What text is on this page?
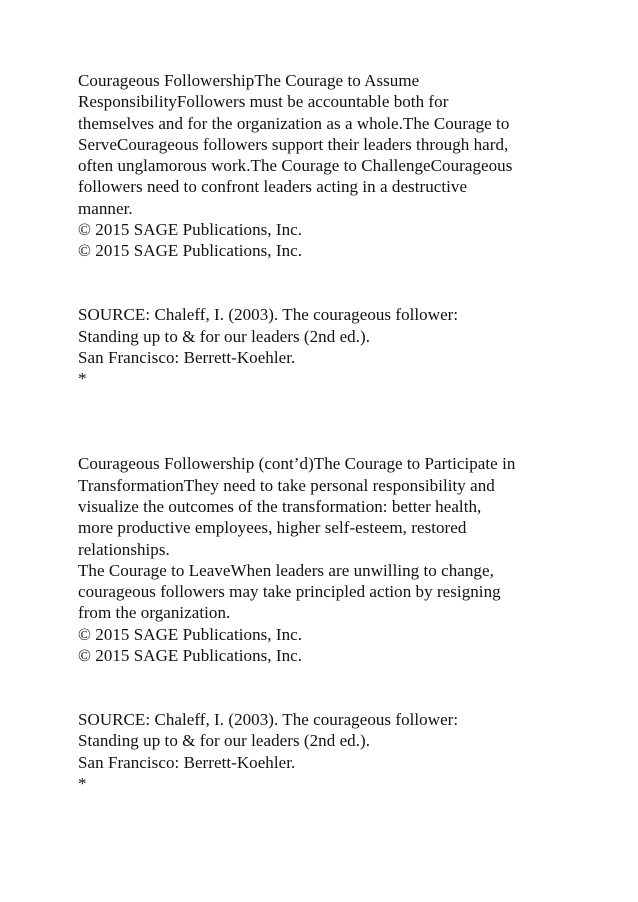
Courageous FollowershipThe Courage to Assume
ResponsibilityFollowers must be accountable both for
themselves and for the organization as a whole.The Courage to
ServeCourageous followers support their leaders through hard,
often unglamorous work.The Courage to ChallengeCourageous
followers need to confront leaders acting in a destructive
manner.
© 2015 SAGE Publications, Inc.
© 2015 SAGE Publications, Inc.
SOURCE: Chaleff, I. (2003). The courageous follower:
Standing up to & for our leaders (2nd ed.).
San Francisco: Berrett-Koehler.
*
Courageous Followership (cont’d)The Courage to Participate in
TransformationThey need to take personal responsibility and
visualize the outcomes of the transformation: better health,
more productive employees, higher self-esteem, restored
relationships.
The Courage to LeaveWhen leaders are unwilling to change,
courageous followers may take principled action by resigning
from the organization.
© 2015 SAGE Publications, Inc.
© 2015 SAGE Publications, Inc.
SOURCE: Chaleff, I. (2003). The courageous follower:
Standing up to & for our leaders (2nd ed.).
San Francisco: Berrett-Koehler.
*
